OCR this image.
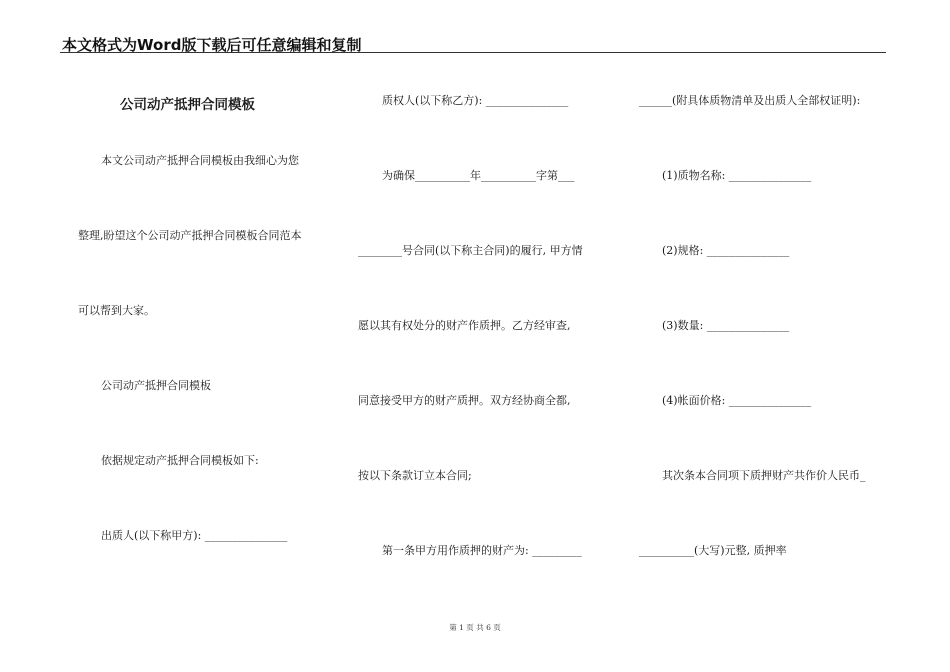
本文格式为Word版下载后可任意编辑和复制
公司动产抵押合同模板
本文公司动产抵押合同模板由我细心为您
整理,盼望这个公司动产抵押合同模板合同范本
可以帮到大家。
公司动产抵押合同模板
依据规定动产抵押合同模板如下:
出质人(以下称甲方): _______________
质权人(以下称乙方): _______________
为确保__________年__________字第___
________号合同(以下称主合同)的履行, 甲方情
愿以其有权处分的财产作质押。乙方经审查,
同意接受甲方的财产质押。双方经协商全都,
按以下条款订立本合同;
第一条甲方用作质押的财产为: _________
______(附具体质物清单及出质人全部权证明):
(1)质物名称: _______________
(2)规格: _______________
(3)数量: _______________
(4)帐面价格: _______________
其次条本合同项下质押财产共作价人民币_
__________(大写)元整, 质押率
第 1 页 共 6 页
